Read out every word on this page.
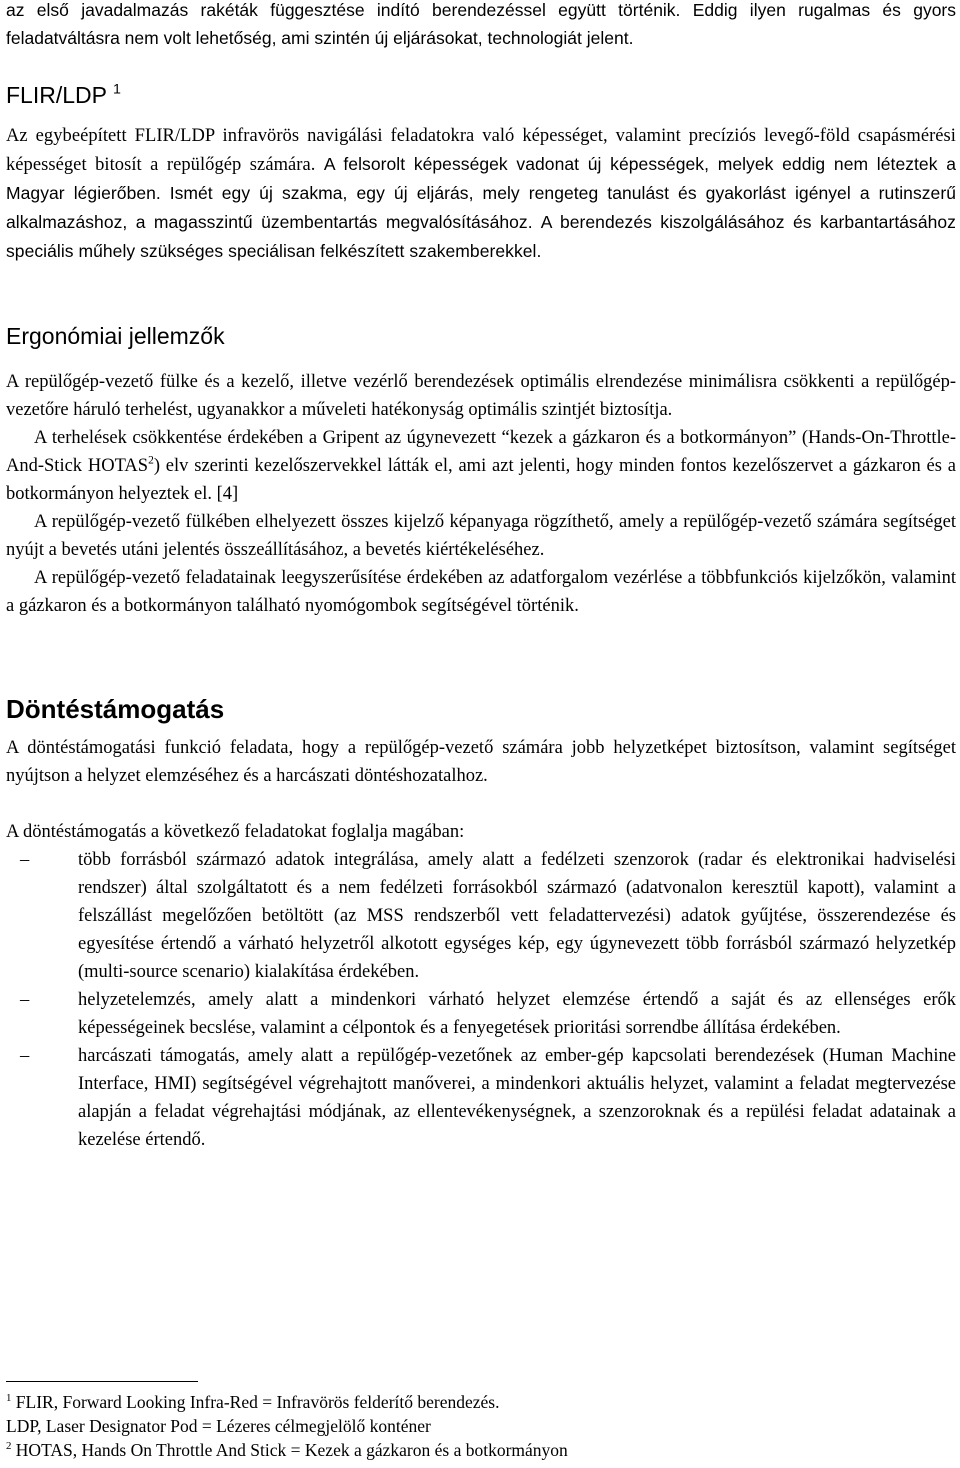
az első javadalmazás rakéták függesztése indító berendezéssel együtt történik. Eddig ilyen rugalmas és gyors feladatváltásra nem volt lehetőség, ami szintén új eljárásokat, technologiát jelent.

FLIR/LDP $^1$

Az egybeépített FLIR/LDP infravörös navigálási feladatokra való képességet, valamint precíziós levegő-föld csapásmérési képességet bitosít a repülőgép számára. A felsorolt képességek vadonat új képességek, melyek eddig nem léteztek a Magyar légierőben. Ismét egy új szakma, egy új eljárás, mely rengeteg tanulást és gyakorlást igényel a rutinszerű alkalmazáshoz, a magasszintű üzembentartás megvalósításához. A berendezés kiszolgálásához és karbantartásához speciális műhely szükséges speciálisan felkészített szakemberekkel.

Ergonómiai jellemzők

A repülőgép-vezető fülke és a kezelő, illetve vezérlő berendezések optimális elrendezése minimálisra csökkenti a repülőgép-vezetőre háruló terhelést, ugyanakkor a műveleti hatékonyság optimális szintjét biztosítja.

A terhelések csökkentése érdekében a Gripent az úgynevezett “kezek a gázkaron és a botkormányon” (Hands-On-Throttle-And-Stick HOTAS$^2$) elv szerinti kezelőszervekkel látták el, ami azt jelenti, hogy minden fontos kezelőszervet a gázkaron és a botkormányon helyeztek el. [4]

A repülőgép-vezető fülkében elhelyezett összes kijelző képanyaga rögzíthető, amely a repülőgép-vezető számára segítséget nyújt a bevetés utáni jelentés összeállításához, a bevetés kiértékeléséhez.

A repülőgép-vezető feladatainak leegyszerűsítése érdekében az adatforgalom vezérlése a többfunkciós kijelzőkön, valamint a gázkaron és a botkormányon található nyomógombok segítségével történik.

Döntéstámogatás

A döntéstámogatási funkció feladata, hogy a repülőgép-vezető számára jobb helyzetképet biztosítson, valamint segítséget nyújtson a helyzet elemzéséhez és a harcászati döntéshozatalhoz.

A döntéstámogatás a következő feladatokat foglalja magában:

–	több forrásból származó adatok integrálása, amely alatt a fedélzeti szenzorok (radar és elektronikai hadviselési rendszer) által szolgáltatott és a nem fedélzeti forrásokból származó (adatvonalon keresztül kapott), valamint a felszállást megelőzően betöltött (az MSS rendszerből vett feladattervezési) adatok gyűjtése, összerendezése és egyesítése értendő a várható helyzetről alkotott egységes kép, egy úgynevezett több forrásból származó helyzetkép (multi-source scenario) kialakítása érdekében.
–	helyzetelemzés, amely alatt a mindenkori várható helyzet elemzése értendő a saját és az ellenséges erők képességeinek becslése, valamint a célpontok és a fenyegetések prioritási sorrendbe állítása érdekében.
–	harcászati támogatás, amely alatt a repülőgép-vezetőnek az ember-gép kapcsolati berendezések (Human Machine Interface, HMI) segítségével végrehajtott manőverei, a mindenkori aktuális helyzet, valamint a feladat megtervezése alapján a feladat végrehajtási módjának, az ellentevékenységnek, a szenzoroknak és a repülési feladat adatainak a kezelése értendő.

$^1$ FLIR, Forward Looking Infra-Red = Infravörös felderítő berendezés.

LDP, Laser Designator Pod = Lézeres célmegjelölő konténer

$^2$ HOTAS, Hands On Throttle And Stick = Kezek a gázkaron és a botkormányon
